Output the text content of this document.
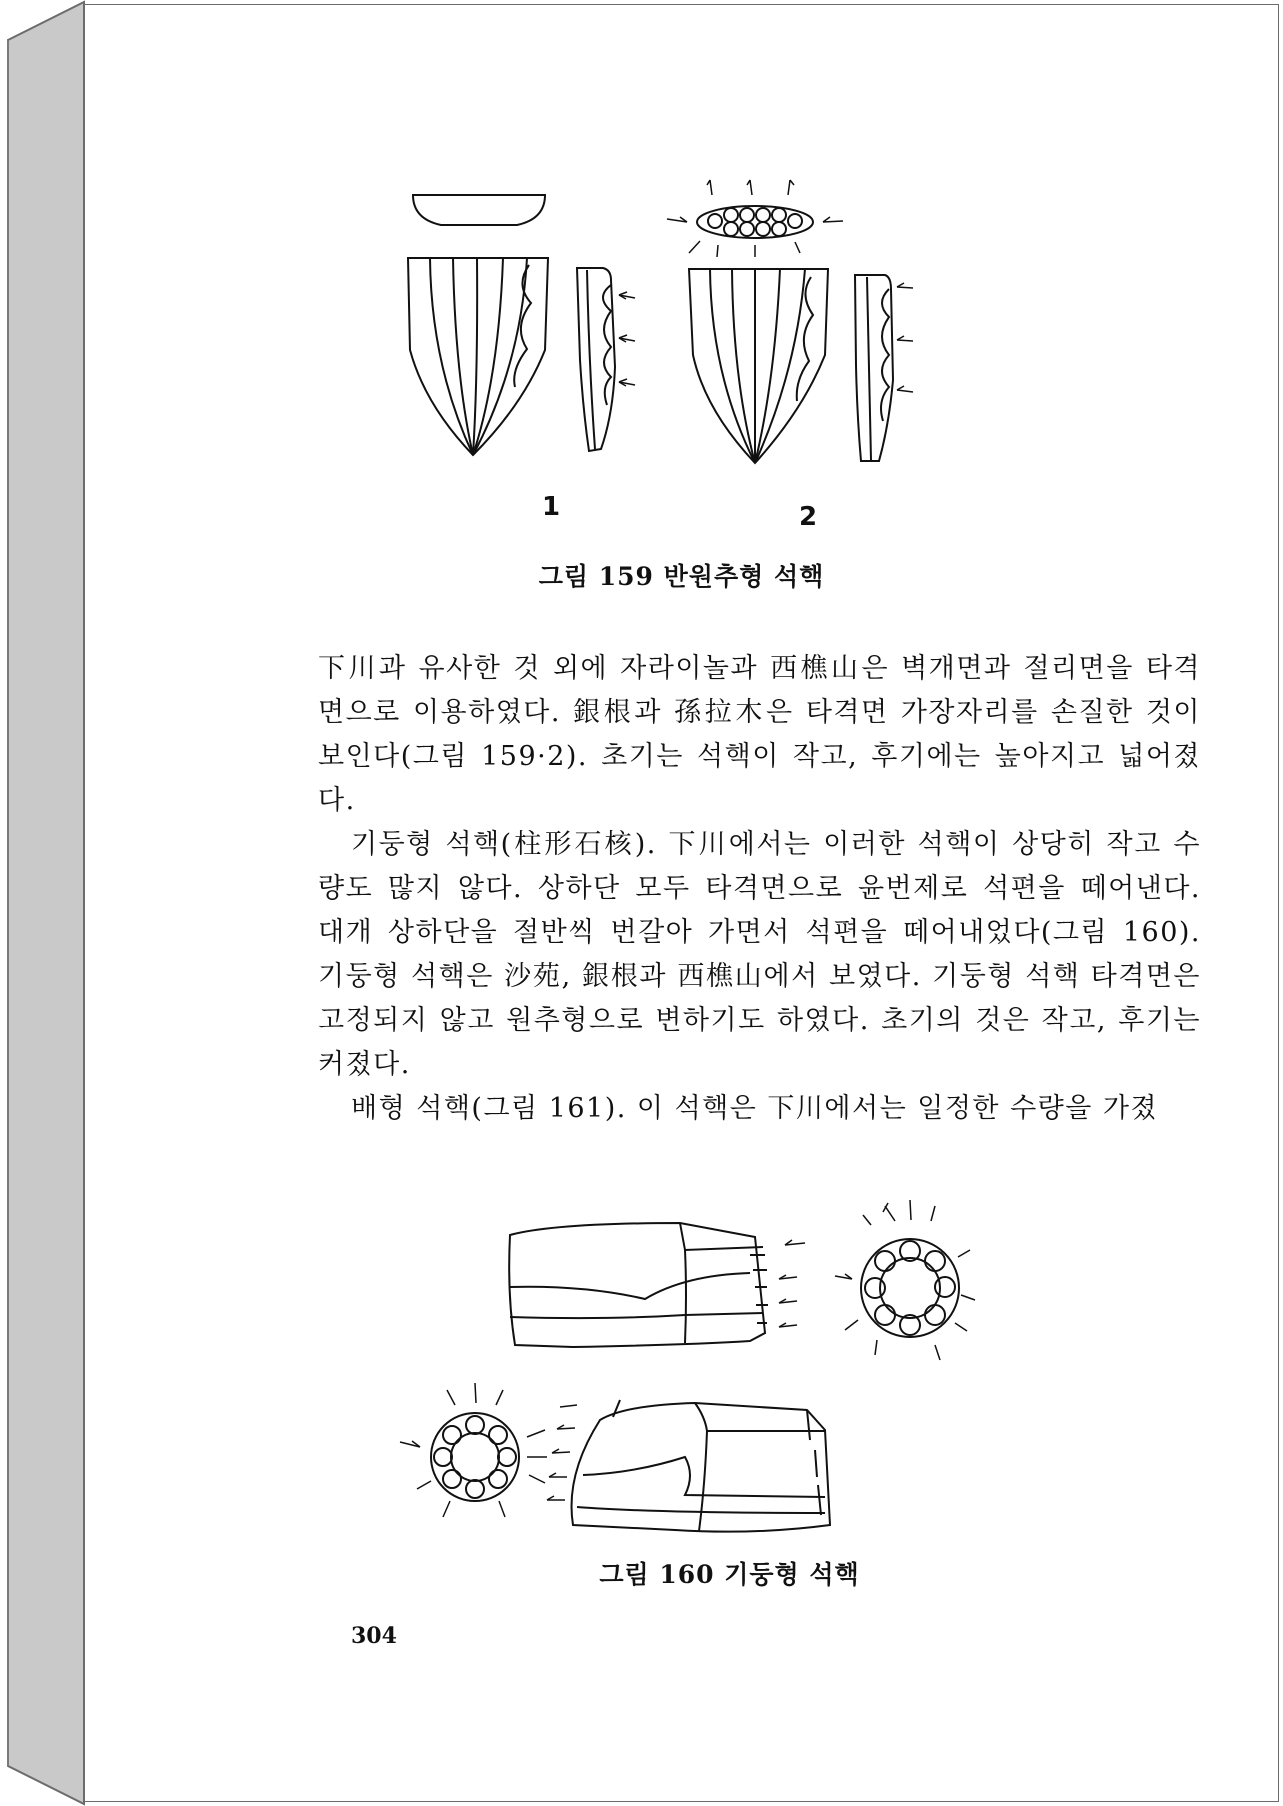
1	2
그림 159 반원추형 석핵

下川과 유사한 것 외에 자라이놀과 西樵山은 벽개면과 절리면을 타격면으로 이용하였다. 銀根과 孫拉木은 타격면 가장자리를 손질한 것이 보인다(그림 159·2). 초기는 석핵이 작고, 후기에는 높아지고 넓어졌다.

기둥형 석핵(柱形石核). 下川에서는 이러한 석핵이 상당히 작고 수량도 많지 않다. 상하단 모두 타격면으로 윤번제로 석편을 떼어낸다. 대개 상하단을 절반씩 번갈아 가면서 석편을 떼어내었다(그림 160). 기둥형 석핵은 沙苑, 銀根과 西樵山에서 보였다. 기둥형 석핵 타격면은 고정되지 않고 원추형으로 변하기도 하였다. 초기의 것은 작고, 후기는 커졌다.

배형 석핵(그림 161). 이 석핵은 下川에서는 일정한 수량을 가졌

그림 160 기둥형 석핵
304
